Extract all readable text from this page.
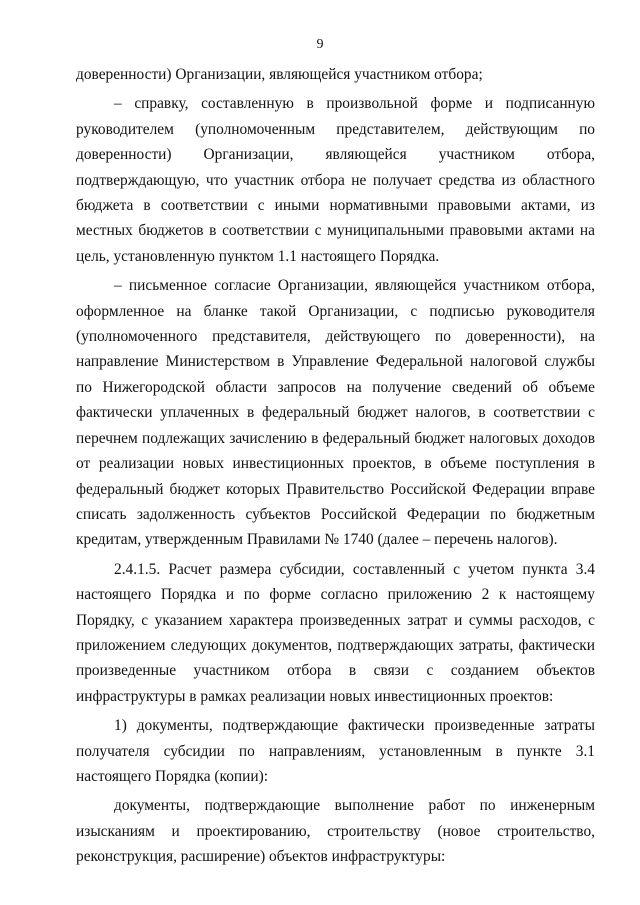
9

доверенности) Организации, являющейся участником отбора;

– справку, составленную в произвольной форме и подписанную руководителем (уполномоченным представителем, действующим по доверенности) Организации, являющейся участником отбора, подтверждающую, что участник отбора не получает средства из областного бюджета в соответствии с иными нормативными правовыми актами, из местных бюджетов в соответствии с муниципальными правовыми актами на цель, установленную пунктом 1.1 настоящего Порядка.

– письменное согласие Организации, являющейся участником отбора, оформленное на бланке такой Организации, с подписью руководителя (уполномоченного представителя, действующего по доверенности), на направление Министерством в Управление Федеральной налоговой службы по Нижегородской области запросов на получение сведений об объеме фактически уплаченных в федеральный бюджет налогов, в соответствии с перечнем подлежащих зачислению в федеральный бюджет налоговых доходов от реализации новых инвестиционных проектов, в объеме поступления в федеральный бюджет которых Правительство Российской Федерации вправе списать задолженность субъектов Российской Федерации по бюджетным кредитам, утвержденным Правилами № 1740 (далее – перечень налогов).

2.4.1.5. Расчет размера субсидии, составленный с учетом пункта 3.4 настоящего Порядка и по форме согласно приложению 2 к настоящему Порядку, с указанием характера произведенных затрат и суммы расходов, с приложением следующих документов, подтверждающих затраты, фактически произведенные участником отбора в связи с созданием объектов инфраструктуры в рамках реализации новых инвестиционных проектов:

1) документы, подтверждающие фактически произведенные затраты получателя субсидии по направлениям, установленным в пункте 3.1 настоящего Порядка (копии):

документы, подтверждающие выполнение работ по инженерным изысканиям и проектированию, строительству (новое строительство, реконструкция, расширение) объектов инфраструктуры:
